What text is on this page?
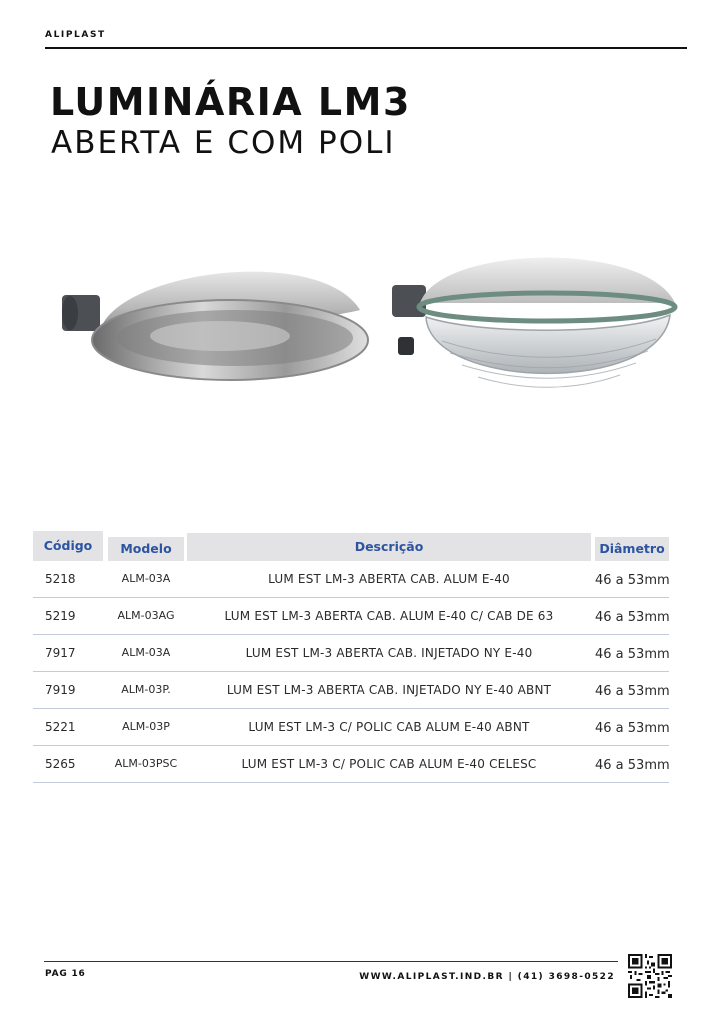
ALIPLAST
LUMINÁRIA LM3
ABERTA E COM POLI
Código	Modelo	Descrição	Diâmetro
5218	ALM-03A	LUM EST LM-3 ABERTA CAB. ALUM E-40	46 a 53mm
5219	ALM-03AG	LUM EST LM-3 ABERTA CAB. ALUM E-40 C/ CAB DE 63	46 a 53mm
7917	ALM-03A	LUM EST LM-3 ABERTA CAB. INJETADO NY E-40	46 a 53mm
7919	ALM-03P.	LUM EST LM-3 ABERTA CAB. INJETADO NY E-40 ABNT	46 a 53mm
5221	ALM-03P	LUM EST LM-3 C/ POLIC CAB ALUM E-40 ABNT	46 a 53mm
5265	ALM-03PSC	LUM EST LM-3 C/ POLIC CAB ALUM E-40 CELESC	46 a 53mm
PAG 16	WWW.ALIPLAST.IND.BR | (41) 3698-0522
